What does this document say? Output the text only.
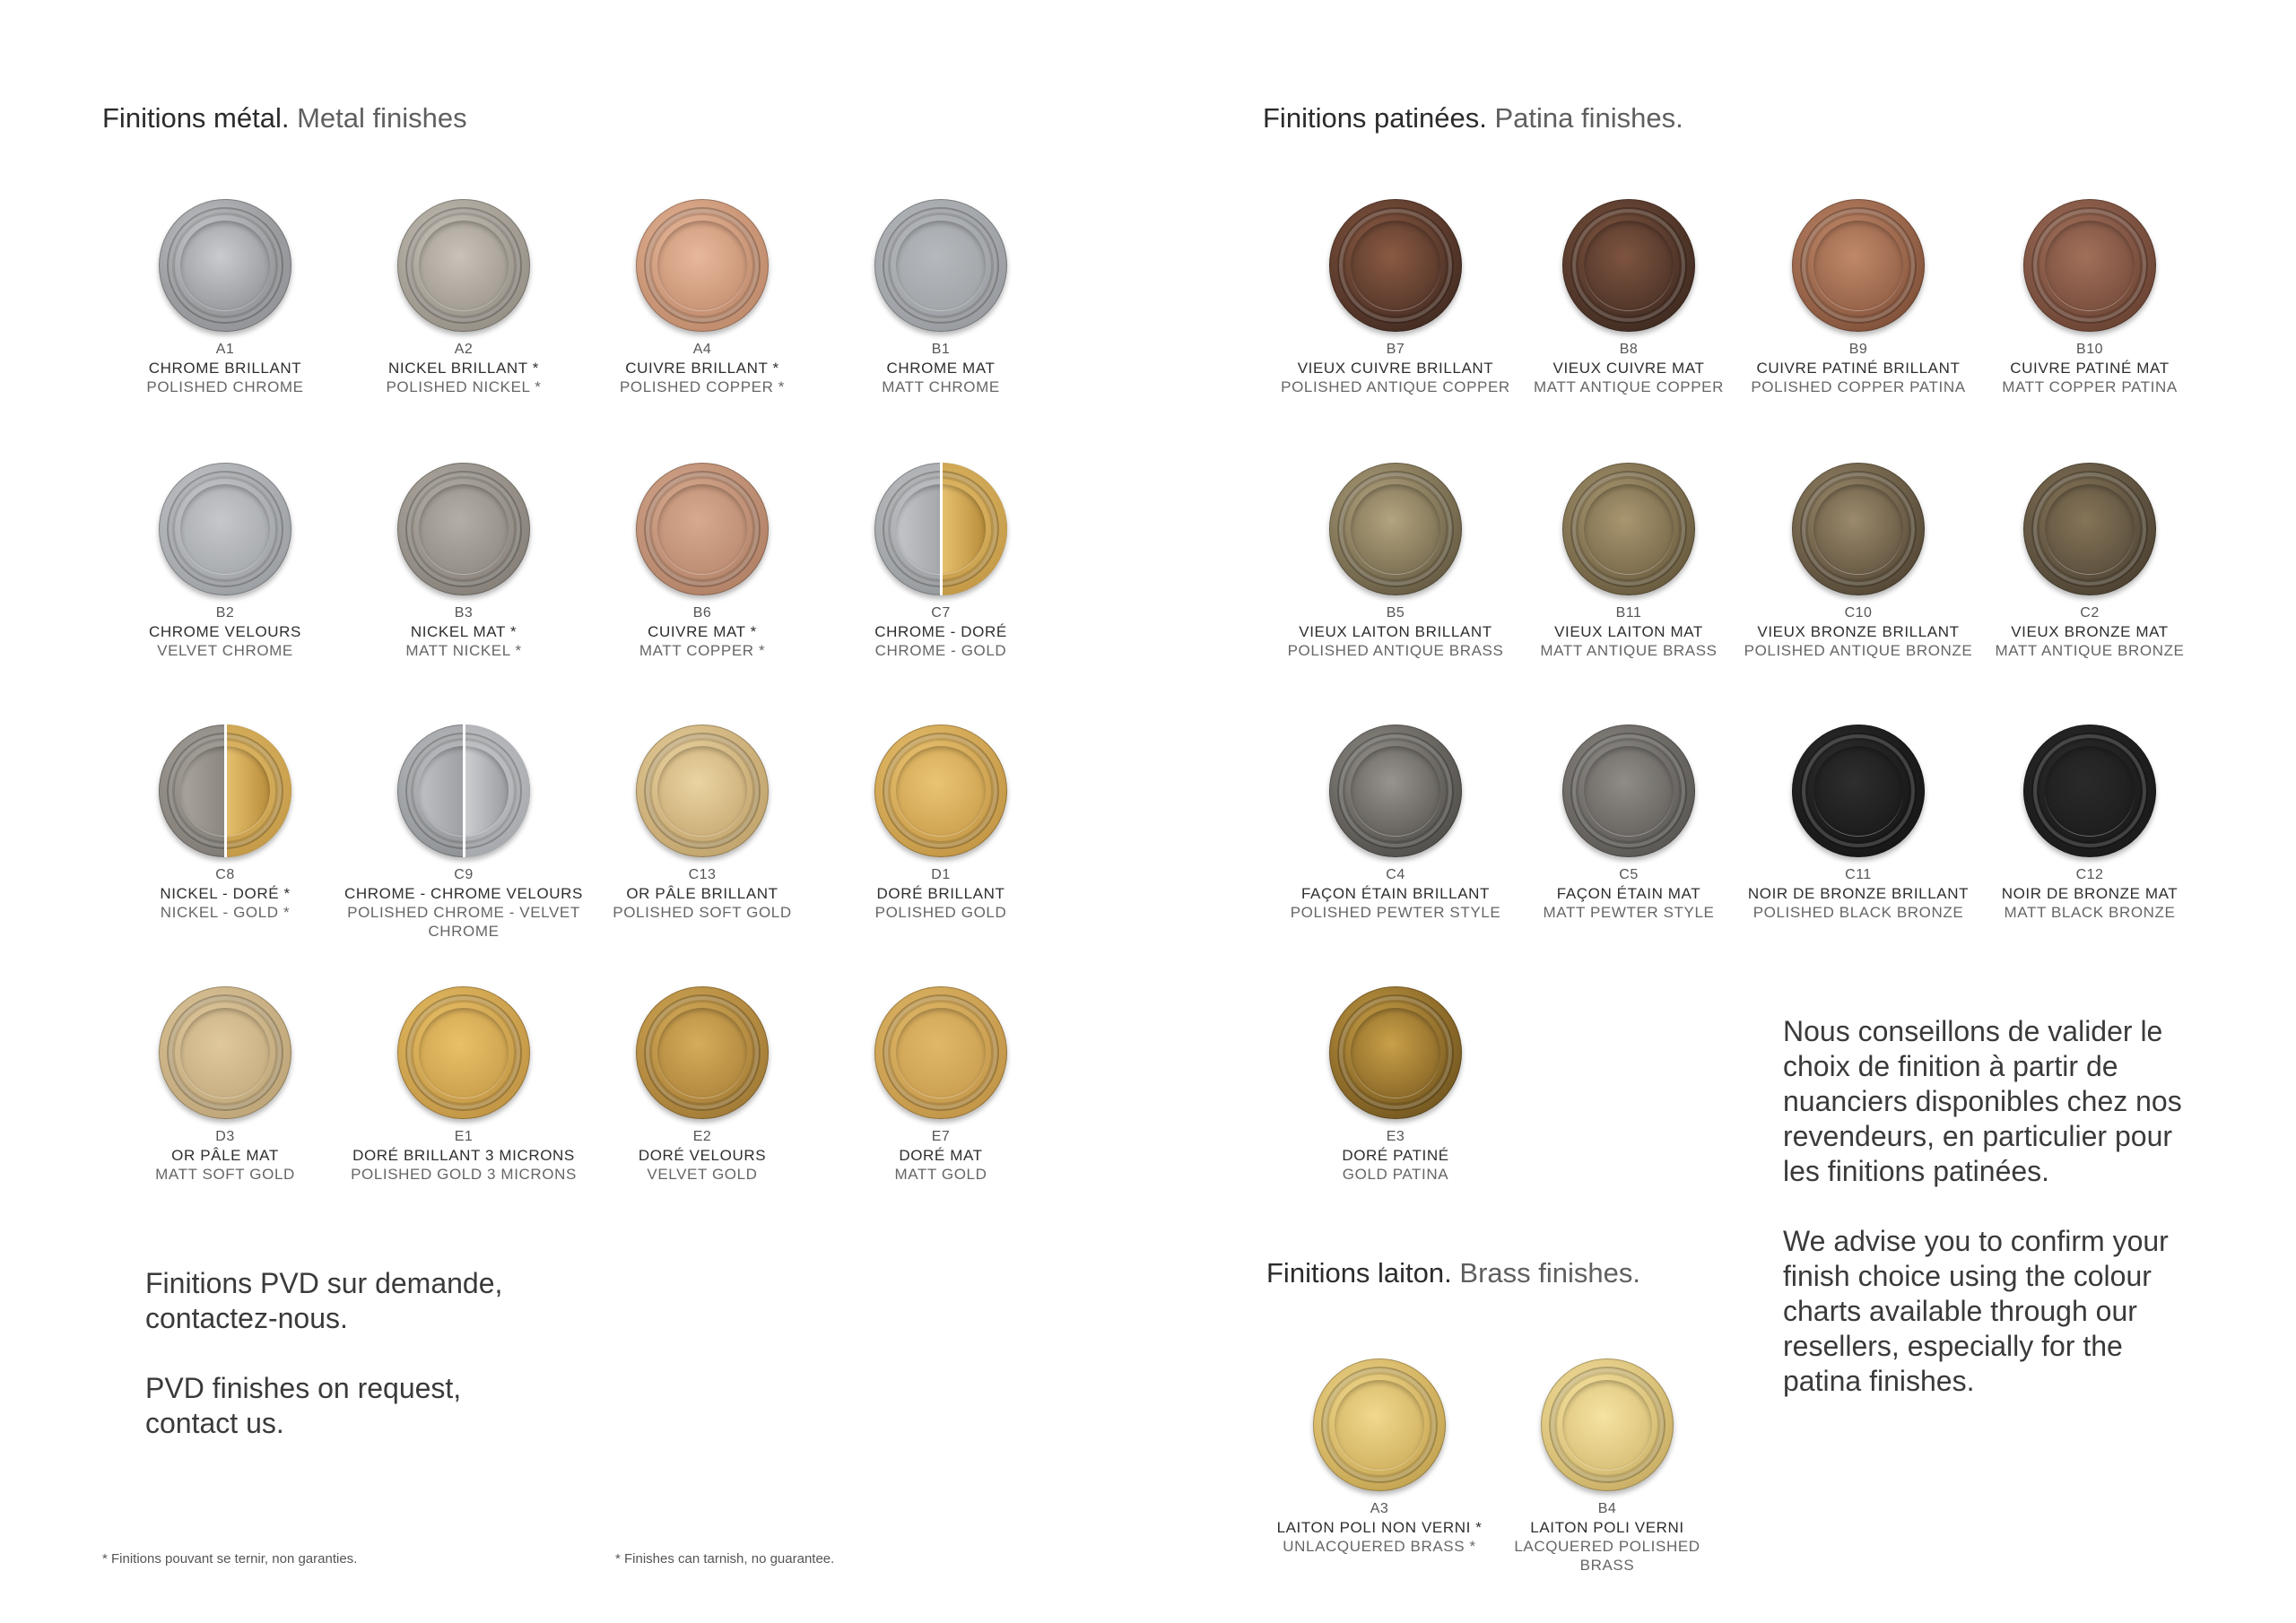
Finitions métal. Metal finishes	Finitions patinées. Patina finishes.
Finitions laiton. Brass finishes.
A1
CHROME BRILLANT
POLISHED CHROME
A2
NICKEL BRILLANT *
POLISHED NICKEL *
A4
CUIVRE BRILLANT *
POLISHED COPPER *
B1
CHROME MAT
MATT CHROME
B2
CHROME VELOURS
VELVET CHROME
B3
NICKEL MAT *
MATT NICKEL *
B6
CUIVRE MAT *
MATT COPPER *
C7
CHROME - DORÉ
CHROME - GOLD
C8
NICKEL - DORÉ *
NICKEL - GOLD *
C9
CHROME - CHROME VELOURS
POLISHED CHROME - VELVET CHROME
C13
OR PÂLE BRILLANT
POLISHED SOFT GOLD
D1
DORÉ BRILLANT
POLISHED GOLD
D3
OR PÂLE MAT
MATT SOFT GOLD
E1
DORÉ BRILLANT 3 MICRONS
POLISHED GOLD 3 MICRONS
E2
DORÉ VELOURS
VELVET GOLD
E7
DORÉ MAT
MATT GOLD
B7
VIEUX CUIVRE BRILLANT
POLISHED ANTIQUE COPPER
B8
VIEUX CUIVRE MAT
MATT ANTIQUE COPPER
B9
CUIVRE PATINÉ BRILLANT
POLISHED COPPER PATINA
B10
CUIVRE PATINÉ MAT
MATT COPPER PATINA
B5
VIEUX LAITON BRILLANT
POLISHED ANTIQUE BRASS
B11
VIEUX LAITON MAT
MATT ANTIQUE BRASS
C10
VIEUX BRONZE BRILLANT
POLISHED ANTIQUE BRONZE
C2
VIEUX BRONZE MAT
MATT ANTIQUE BRONZE
C4
FAÇON ÉTAIN BRILLANT
POLISHED PEWTER STYLE
C5
FAÇON ÉTAIN MAT
MATT PEWTER STYLE
C11
NOIR DE BRONZE BRILLANT
POLISHED BLACK BRONZE
C12
NOIR DE BRONZE MAT
MATT BLACK BRONZE
E3
DORÉ PATINÉ
GOLD PATINA
A3
LAITON POLI NON VERNI *
UNLACQUERED BRASS *
B4
LAITON POLI VERNI
LACQUERED POLISHED BRASS
Finitions PVD sur demande, contactez-nous.
PVD finishes on request, contact us.
Nous conseillons de valider le choix de finition à partir de nuanciers disponibles chez nos revendeurs, en particulier pour les finitions patinées.
We advise you to confirm your finish choice using the colour charts available through our resellers, especially for the patina finishes.
* Finitions pouvant se ternir, non garanties.	* Finishes can tarnish, no guarantee.
